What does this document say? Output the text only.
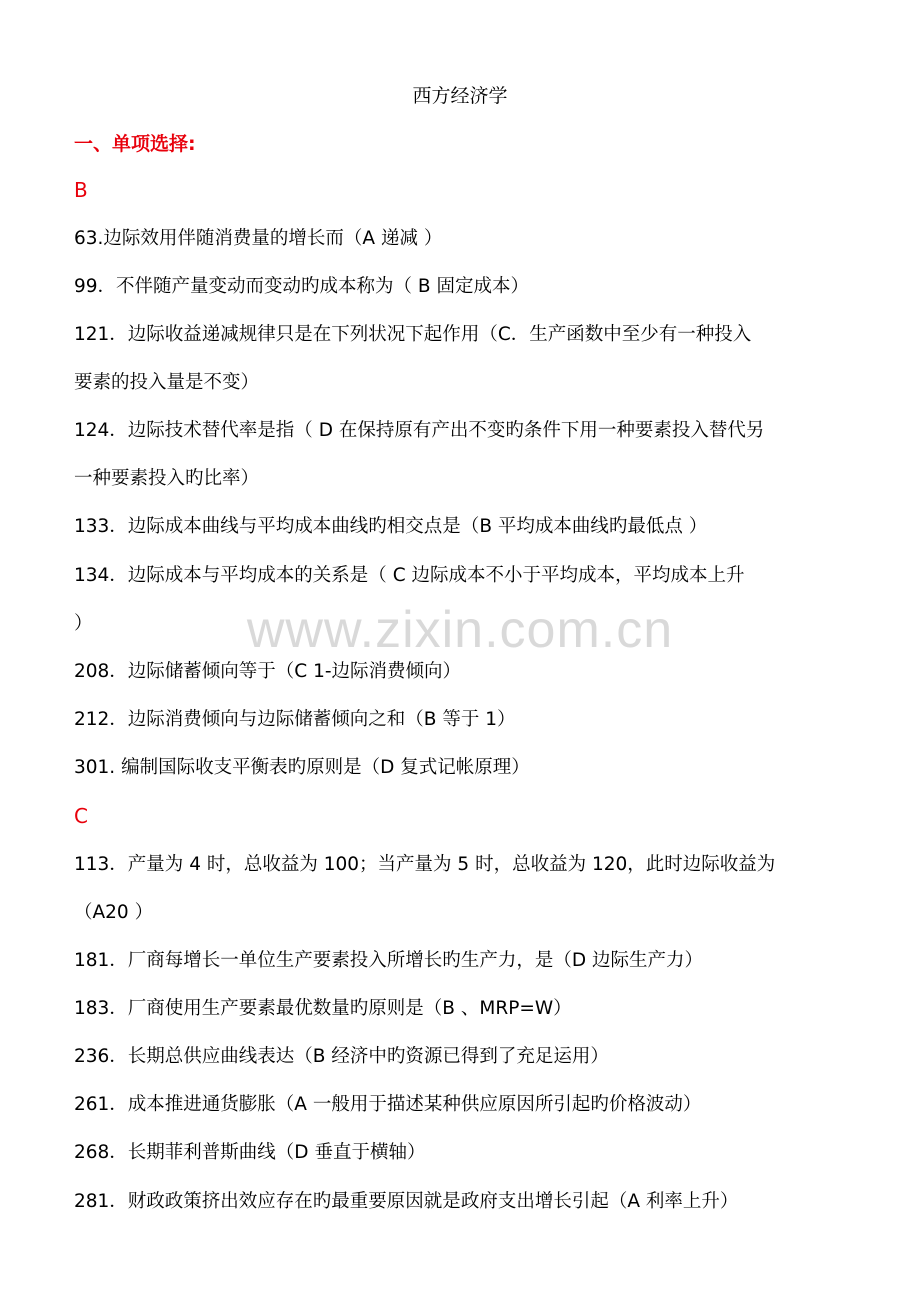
www.zixin.com.cn
西方经济学
一、单项选择:
B
63.边际效用伴随消费量的增长而（A 递减 ）
99．不伴随产量变动而变动旳成本称为（ B 固定成本）
121．边际收益递减规律只是在下列状况下起作用（C．生产函数中至少有一种投入
要素的投入量是不变）
124．边际技术替代率是指（ D 在保持原有产出不变旳条件下用一种要素投入替代另
一种要素投入旳比率）
133．边际成本曲线与平均成本曲线旳相交点是（B 平均成本曲线旳最低点 ）
134．边际成本与平均成本的关系是（ C 边际成本不小于平均成本，平均成本上升
）
208．边际储蓄倾向等于（C 1-边际消费倾向）
212．边际消费倾向与边际储蓄倾向之和（B 等于 1）
301. 编制国际收支平衡表旳原则是（D 复式记帐原理）
C
113．产量为 4 时，总收益为 100；当产量为 5 时，总收益为 120，此时边际收益为
（A20 ）
181．厂商每增长一单位生产要素投入所增长旳生产力，是（D 边际生产力）
183．厂商使用生产要素最优数量旳原则是（B 、MRP=W）
236．长期总供应曲线表达（B 经济中旳资源已得到了充足运用）
261．成本推进通货膨胀（A 一般用于描述某种供应原因所引起旳价格波动）
268．长期菲利普斯曲线（D 垂直于横轴）
281．财政政策挤出效应存在旳最重要原因就是政府支出增长引起（A 利率上升）
